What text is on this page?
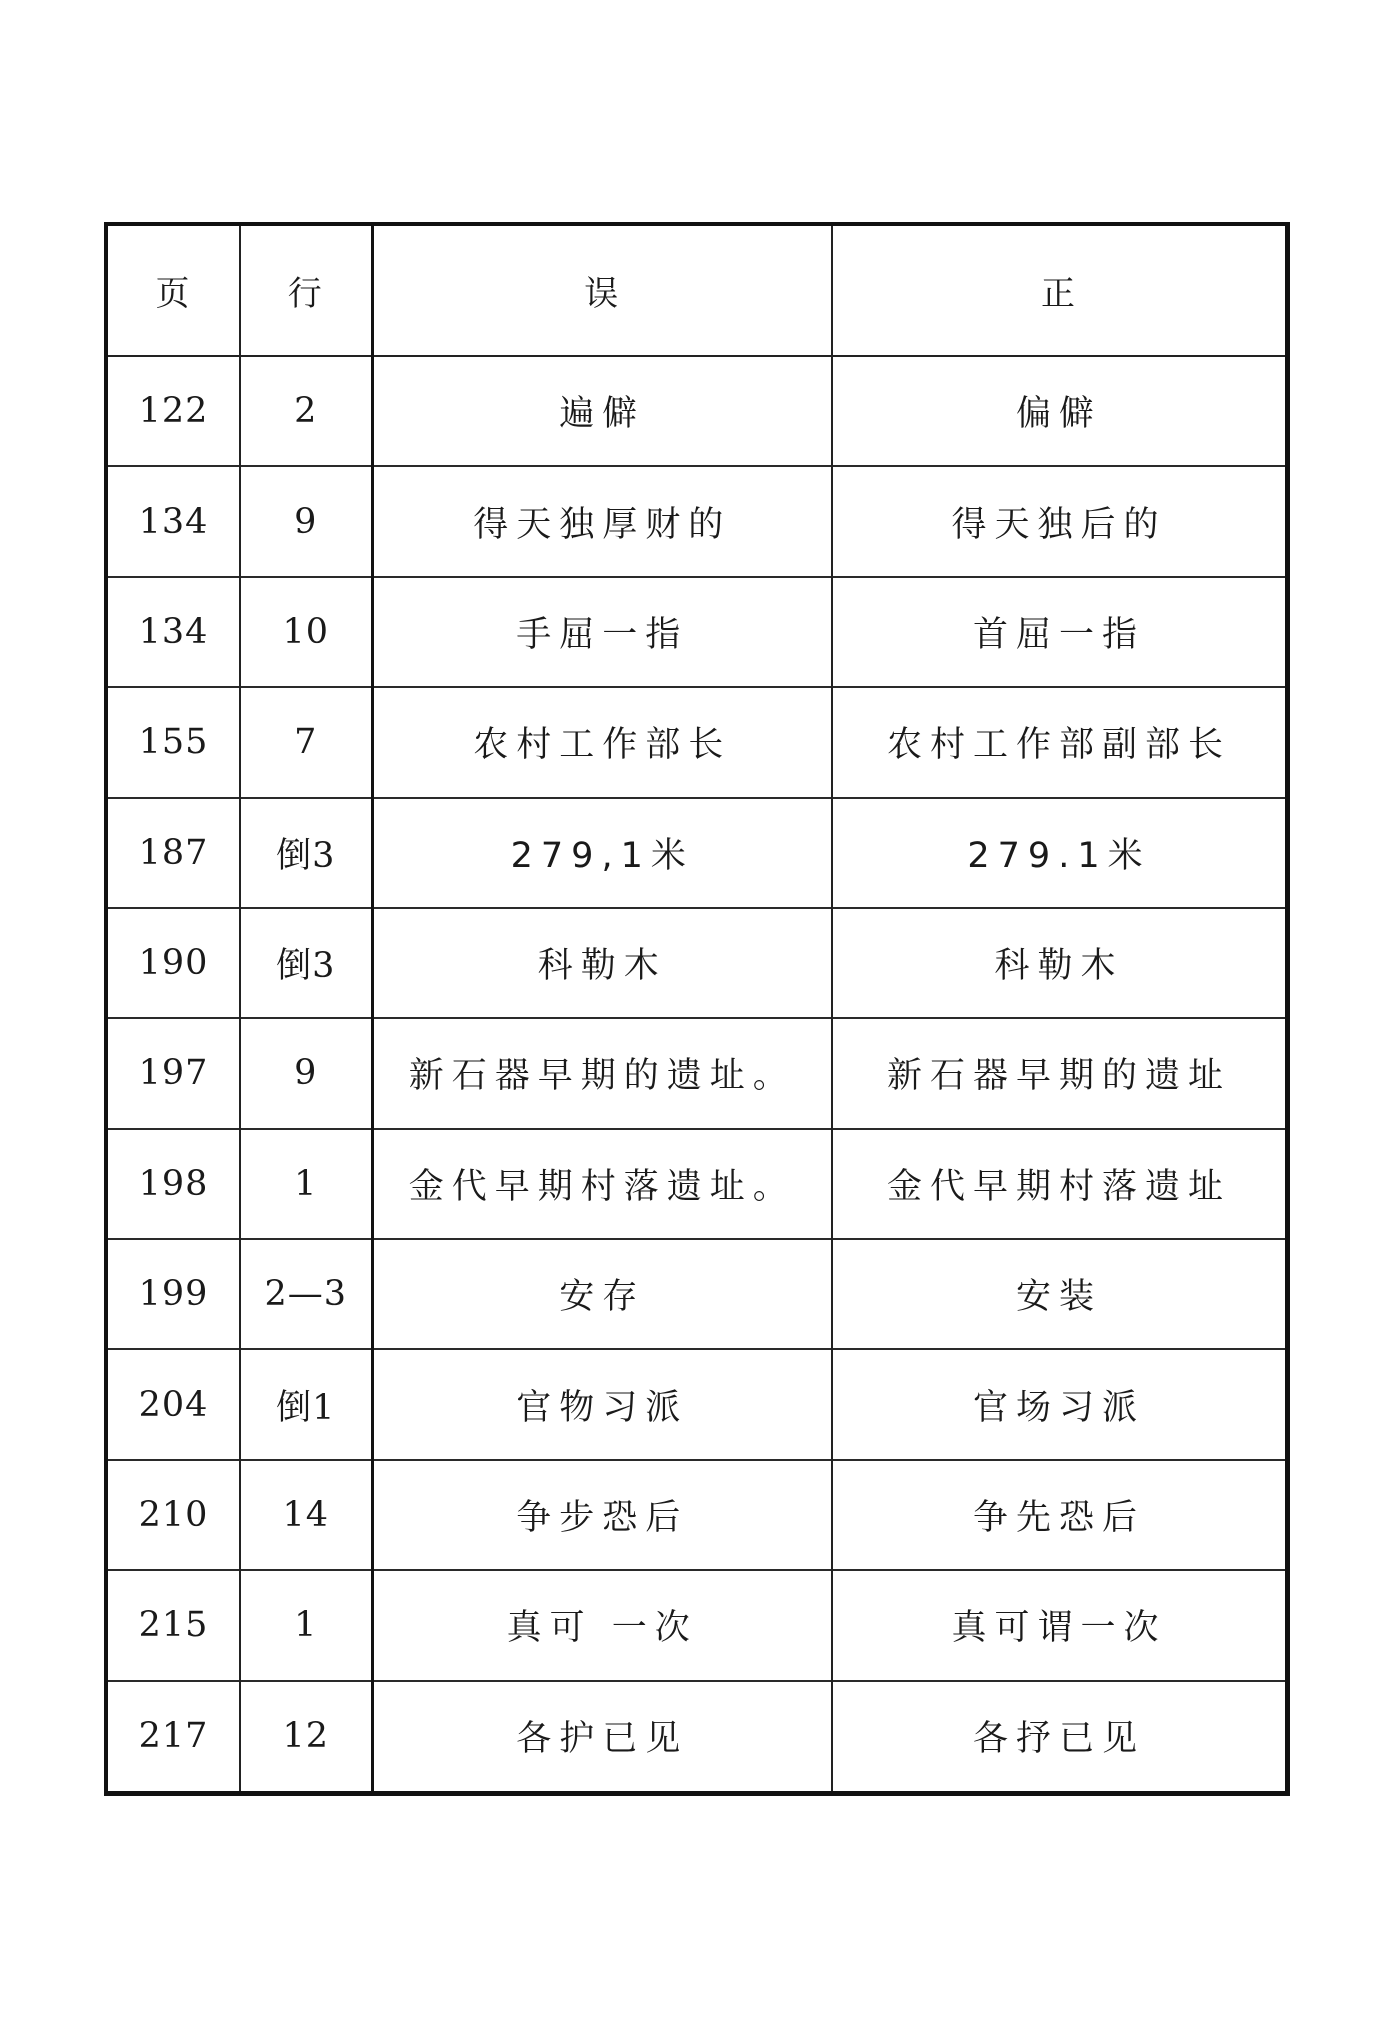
页	行	误	正
122	2	遍僻	偏僻
134	9	得天独厚财的	得天独后的
134	10	手屈一指	首屈一指
155	7	农村工作部长	农村工作部副部长
187	倒3	279,1米	279.1米
190	倒3	科勒木	科勒木
197	9	新石器早期的遗址。	新石器早期的遗址
198	1	金代早期村落遗址。	金代早期村落遗址
199	2—3	安存	安装
204	倒1	官物习派	官场习派
210	14	争步恐后	争先恐后
215	1	真可 一次	真可谓一次
217	12	各护已见	各抒已见
